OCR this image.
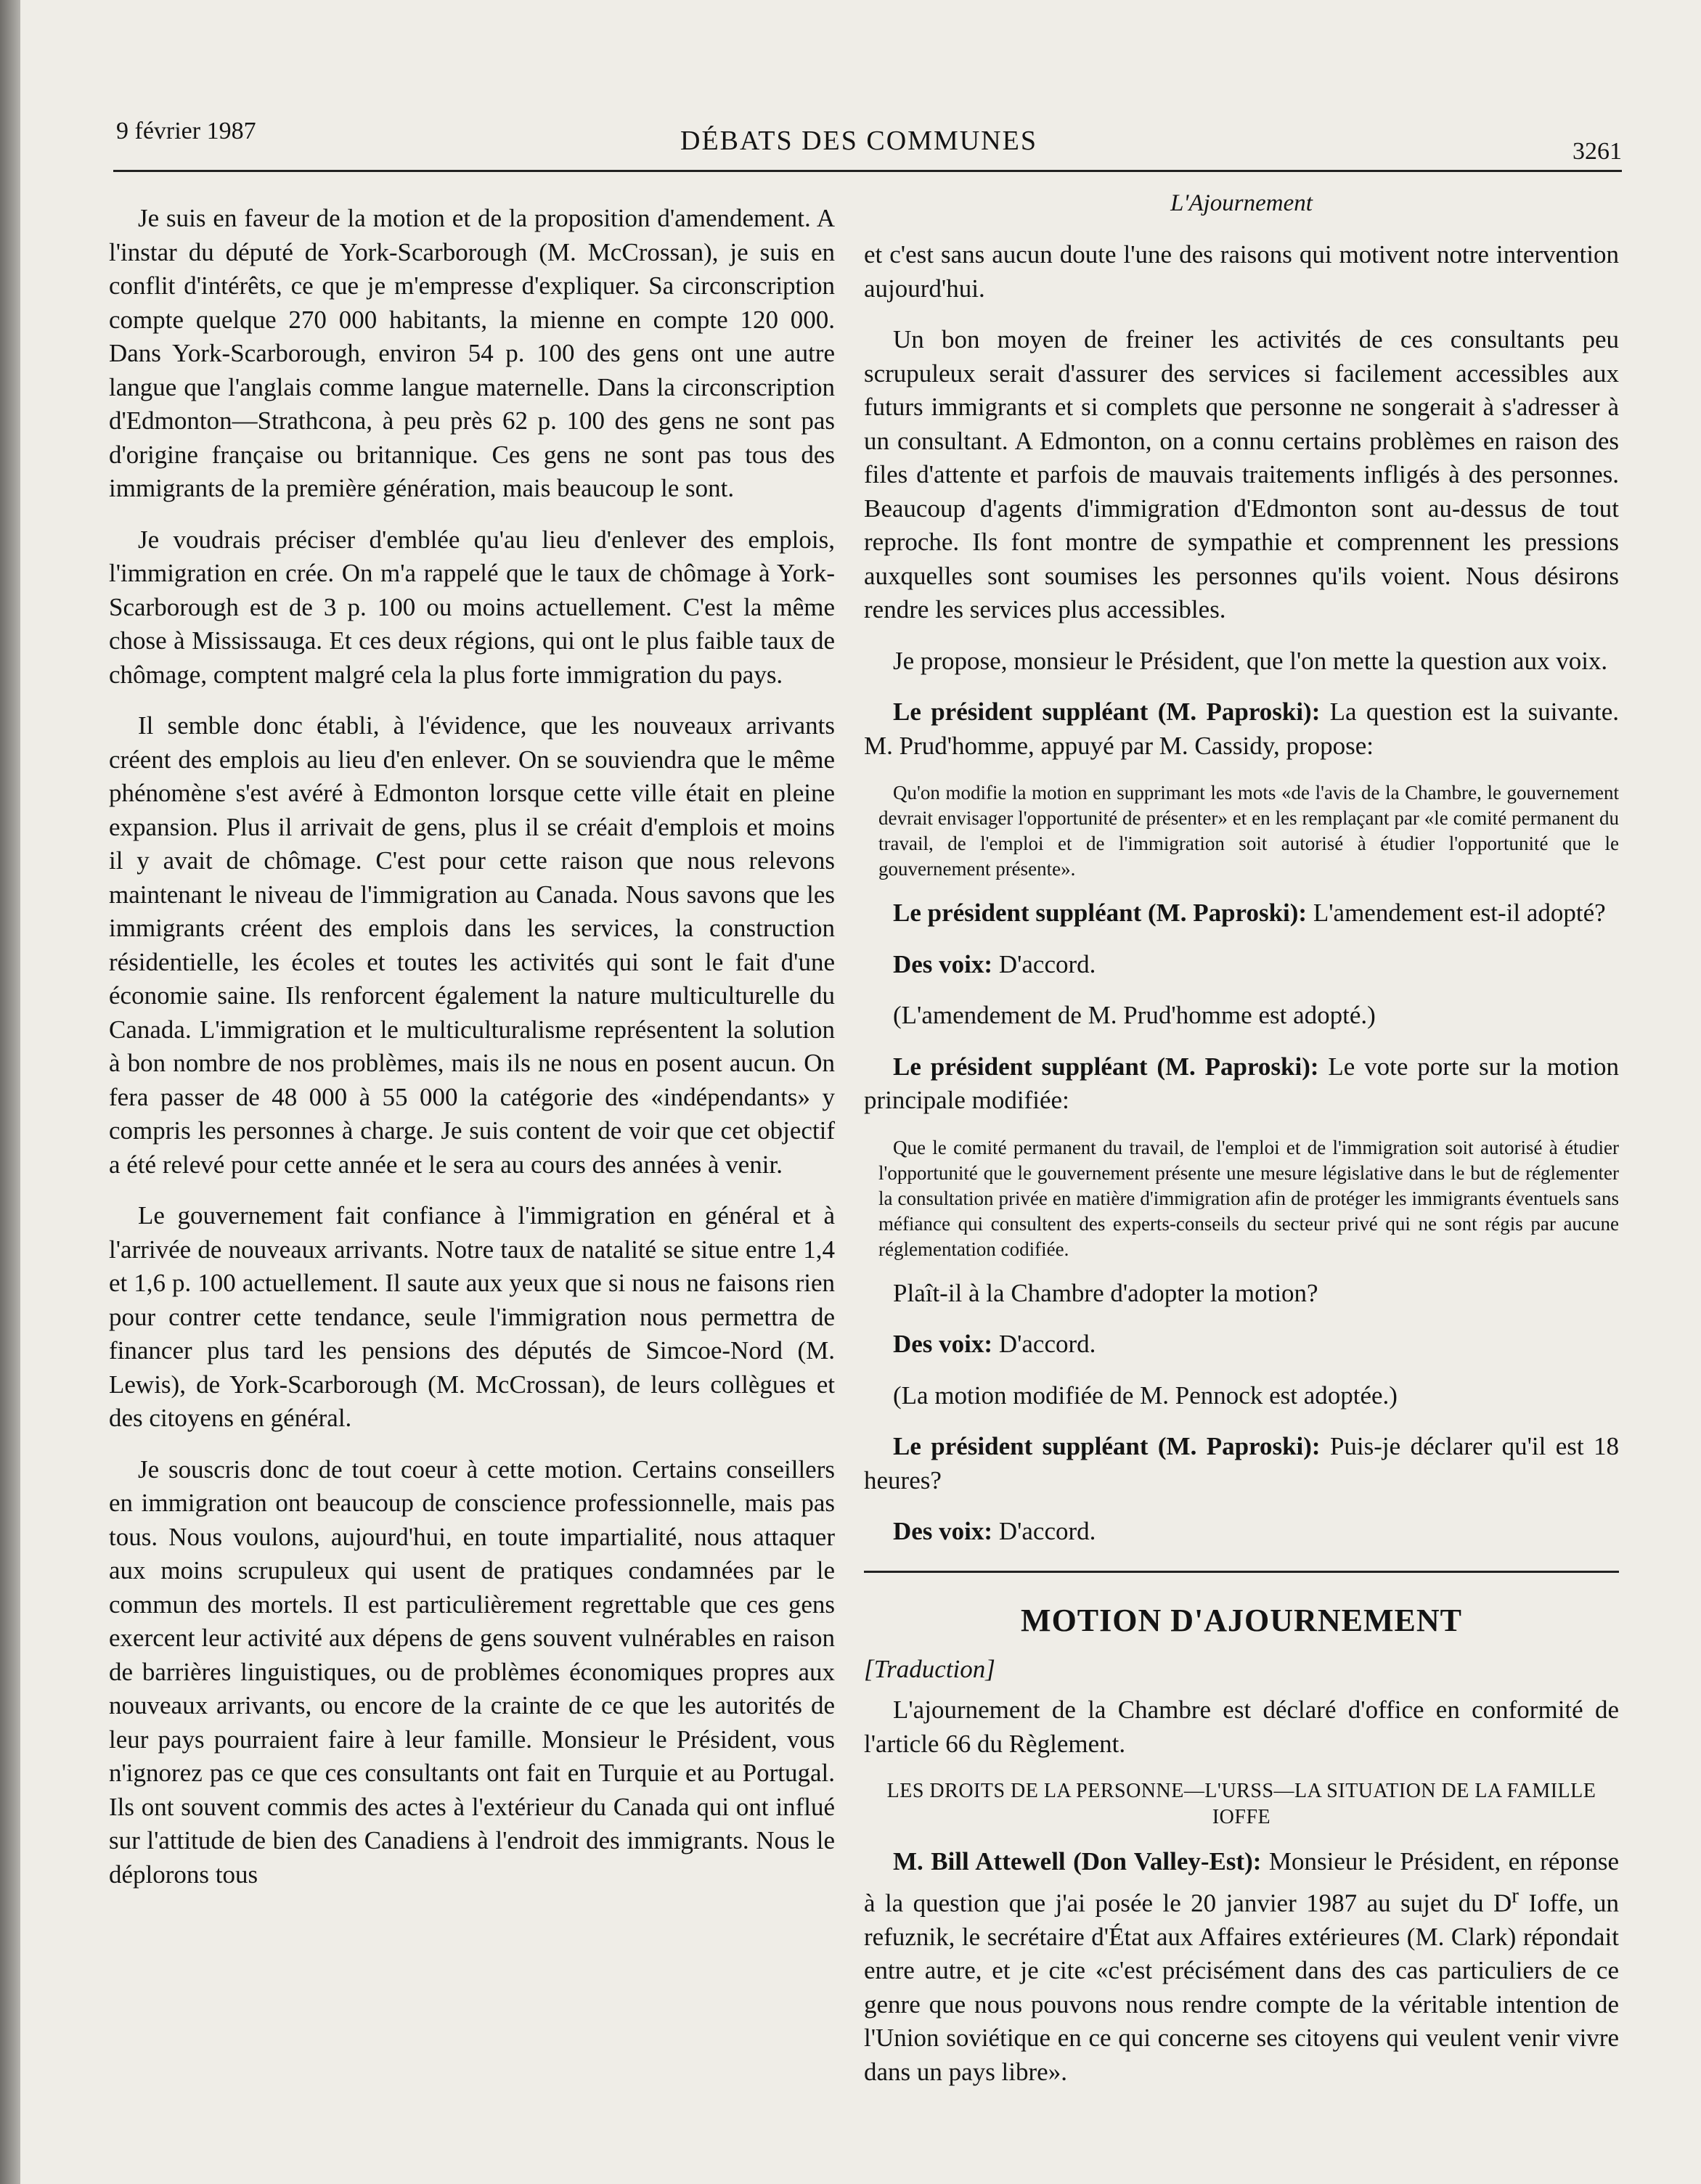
9 février 1987	DÉBATS DES COMMUNES	3261
L'Ajournement

Je suis en faveur de la motion et de la proposition d'amendement. A l'instar du député de York-Scarborough (M. McCrossan), je suis en conflit d'intérêts, ce que je m'empresse d'expliquer. Sa circonscription compte quelque 270 000 habitants, la mienne en compte 120 000. Dans York-Scarborough, environ 54 p. 100 des gens ont une autre langue que l'anglais comme langue maternelle. Dans la circonscription d'Edmonton—Strathcona, à peu près 62 p. 100 des gens ne sont pas d'origine française ou britannique. Ces gens ne sont pas tous des immigrants de la première génération, mais beaucoup le sont.

Je voudrais préciser d'emblée qu'au lieu d'enlever des emplois, l'immigration en crée. On m'a rappelé que le taux de chômage à York-Scarborough est de 3 p. 100 ou moins actuellement. C'est la même chose à Mississauga. Et ces deux régions, qui ont le plus faible taux de chômage, comptent malgré cela la plus forte immigration du pays.

Il semble donc établi, à l'évidence, que les nouveaux arrivants créent des emplois au lieu d'en enlever. On se souviendra que le même phénomène s'est avéré à Edmonton lorsque cette ville était en pleine expansion. Plus il arrivait de gens, plus il se créait d'emplois et moins il y avait de chômage. C'est pour cette raison que nous relevons maintenant le niveau de l'immigration au Canada. Nous savons que les immigrants créent des emplois dans les services, la construction résidentielle, les écoles et toutes les activités qui sont le fait d'une économie saine. Ils renforcent également la nature multiculturelle du Canada. L'immigration et le multiculturalisme représentent la solution à bon nombre de nos problèmes, mais ils ne nous en posent aucun. On fera passer de 48 000 à 55 000 la catégorie des «indépendants» y compris les personnes à charge. Je suis content de voir que cet objectif a été relevé pour cette année et le sera au cours des années à venir.

Le gouvernement fait confiance à l'immigration en général et à l'arrivée de nouveaux arrivants. Notre taux de natalité se situe entre 1,4 et 1,6 p. 100 actuellement. Il saute aux yeux que si nous ne faisons rien pour contrer cette tendance, seule l'immigration nous permettra de financer plus tard les pensions des députés de Simcoe-Nord (M. Lewis), de York-Scarborough (M. McCrossan), de leurs collègues et des citoyens en général.

Je souscris donc de tout coeur à cette motion. Certains conseillers en immigration ont beaucoup de conscience professionnelle, mais pas tous. Nous voulons, aujourd'hui, en toute impartialité, nous attaquer aux moins scrupuleux qui usent de pratiques condamnées par le commun des mortels. Il est particulièrement regrettable que ces gens exercent leur activité aux dépens de gens souvent vulnérables en raison de barrières linguistiques, ou de problèmes économiques propres aux nouveaux arrivants, ou encore de la crainte de ce que les autorités de leur pays pourraient faire à leur famille. Monsieur le Président, vous n'ignorez pas ce que ces consultants ont fait en Turquie et au Portugal. Ils ont souvent commis des actes à l'extérieur du Canada qui ont influé sur l'attitude de bien des Canadiens à l'endroit des immigrants. Nous le déplorons tous

et c'est sans aucun doute l'une des raisons qui motivent notre intervention aujourd'hui.

Un bon moyen de freiner les activités de ces consultants peu scrupuleux serait d'assurer des services si facilement accessibles aux futurs immigrants et si complets que personne ne songerait à s'adresser à un consultant. A Edmonton, on a connu certains problèmes en raison des files d'attente et parfois de mauvais traitements infligés à des personnes. Beaucoup d'agents d'immigration d'Edmonton sont au-dessus de tout reproche. Ils font montre de sympathie et comprennent les pressions auxquelles sont soumises les personnes qu'ils voient. Nous désirons rendre les services plus accessibles.

Je propose, monsieur le Président, que l'on mette la question aux voix.

Le président suppléant (M. Paproski): La question est la suivante. M. Prud'homme, appuyé par M. Cassidy, propose:

Qu'on modifie la motion en supprimant les mots «de l'avis de la Chambre, le gouvernement devrait envisager l'opportunité de présenter» et en les remplaçant par «le comité permanent du travail, de l'emploi et de l'immigration soit autorisé à étudier l'opportunité que le gouvernement présente».

Le président suppléant (M. Paproski): L'amendement est-il adopté?

Des voix: D'accord.

(L'amendement de M. Prud'homme est adopté.)

Le président suppléant (M. Paproski): Le vote porte sur la motion principale modifiée:

Que le comité permanent du travail, de l'emploi et de l'immigration soit autorisé à étudier l'opportunité que le gouvernement présente une mesure législative dans le but de réglementer la consultation privée en matière d'immigration afin de protéger les immigrants éventuels sans méfiance qui consultent des experts-conseils du secteur privé qui ne sont régis par aucune réglementation codifiée.

Plaît-il à la Chambre d'adopter la motion?

Des voix: D'accord.

(La motion modifiée de M. Pennock est adoptée.)

Le président suppléant (M. Paproski): Puis-je déclarer qu'il est 18 heures?

Des voix: D'accord.

MOTION D'AJOURNEMENT
[Traduction]

L'ajournement de la Chambre est déclaré d'office en conformité de l'article 66 du Règlement.

LES DROITS DE LA PERSONNE—L'URSS—LA SITUATION DE LA FAMILLE IOFFE

M. Bill Attewell (Don Valley-Est): Monsieur le Président, en réponse à la question que j'ai posée le 20 janvier 1987 au sujet du $D^r$ Ioffe, un refuznik, le secrétaire d'État aux Affaires extérieures (M. Clark) répondait entre autre, et je cite «c'est précisément dans des cas particuliers de ce genre que nous pouvons nous rendre compte de la véritable intention de l'Union soviétique en ce qui concerne ses citoyens qui veulent venir vivre dans un pays libre».
